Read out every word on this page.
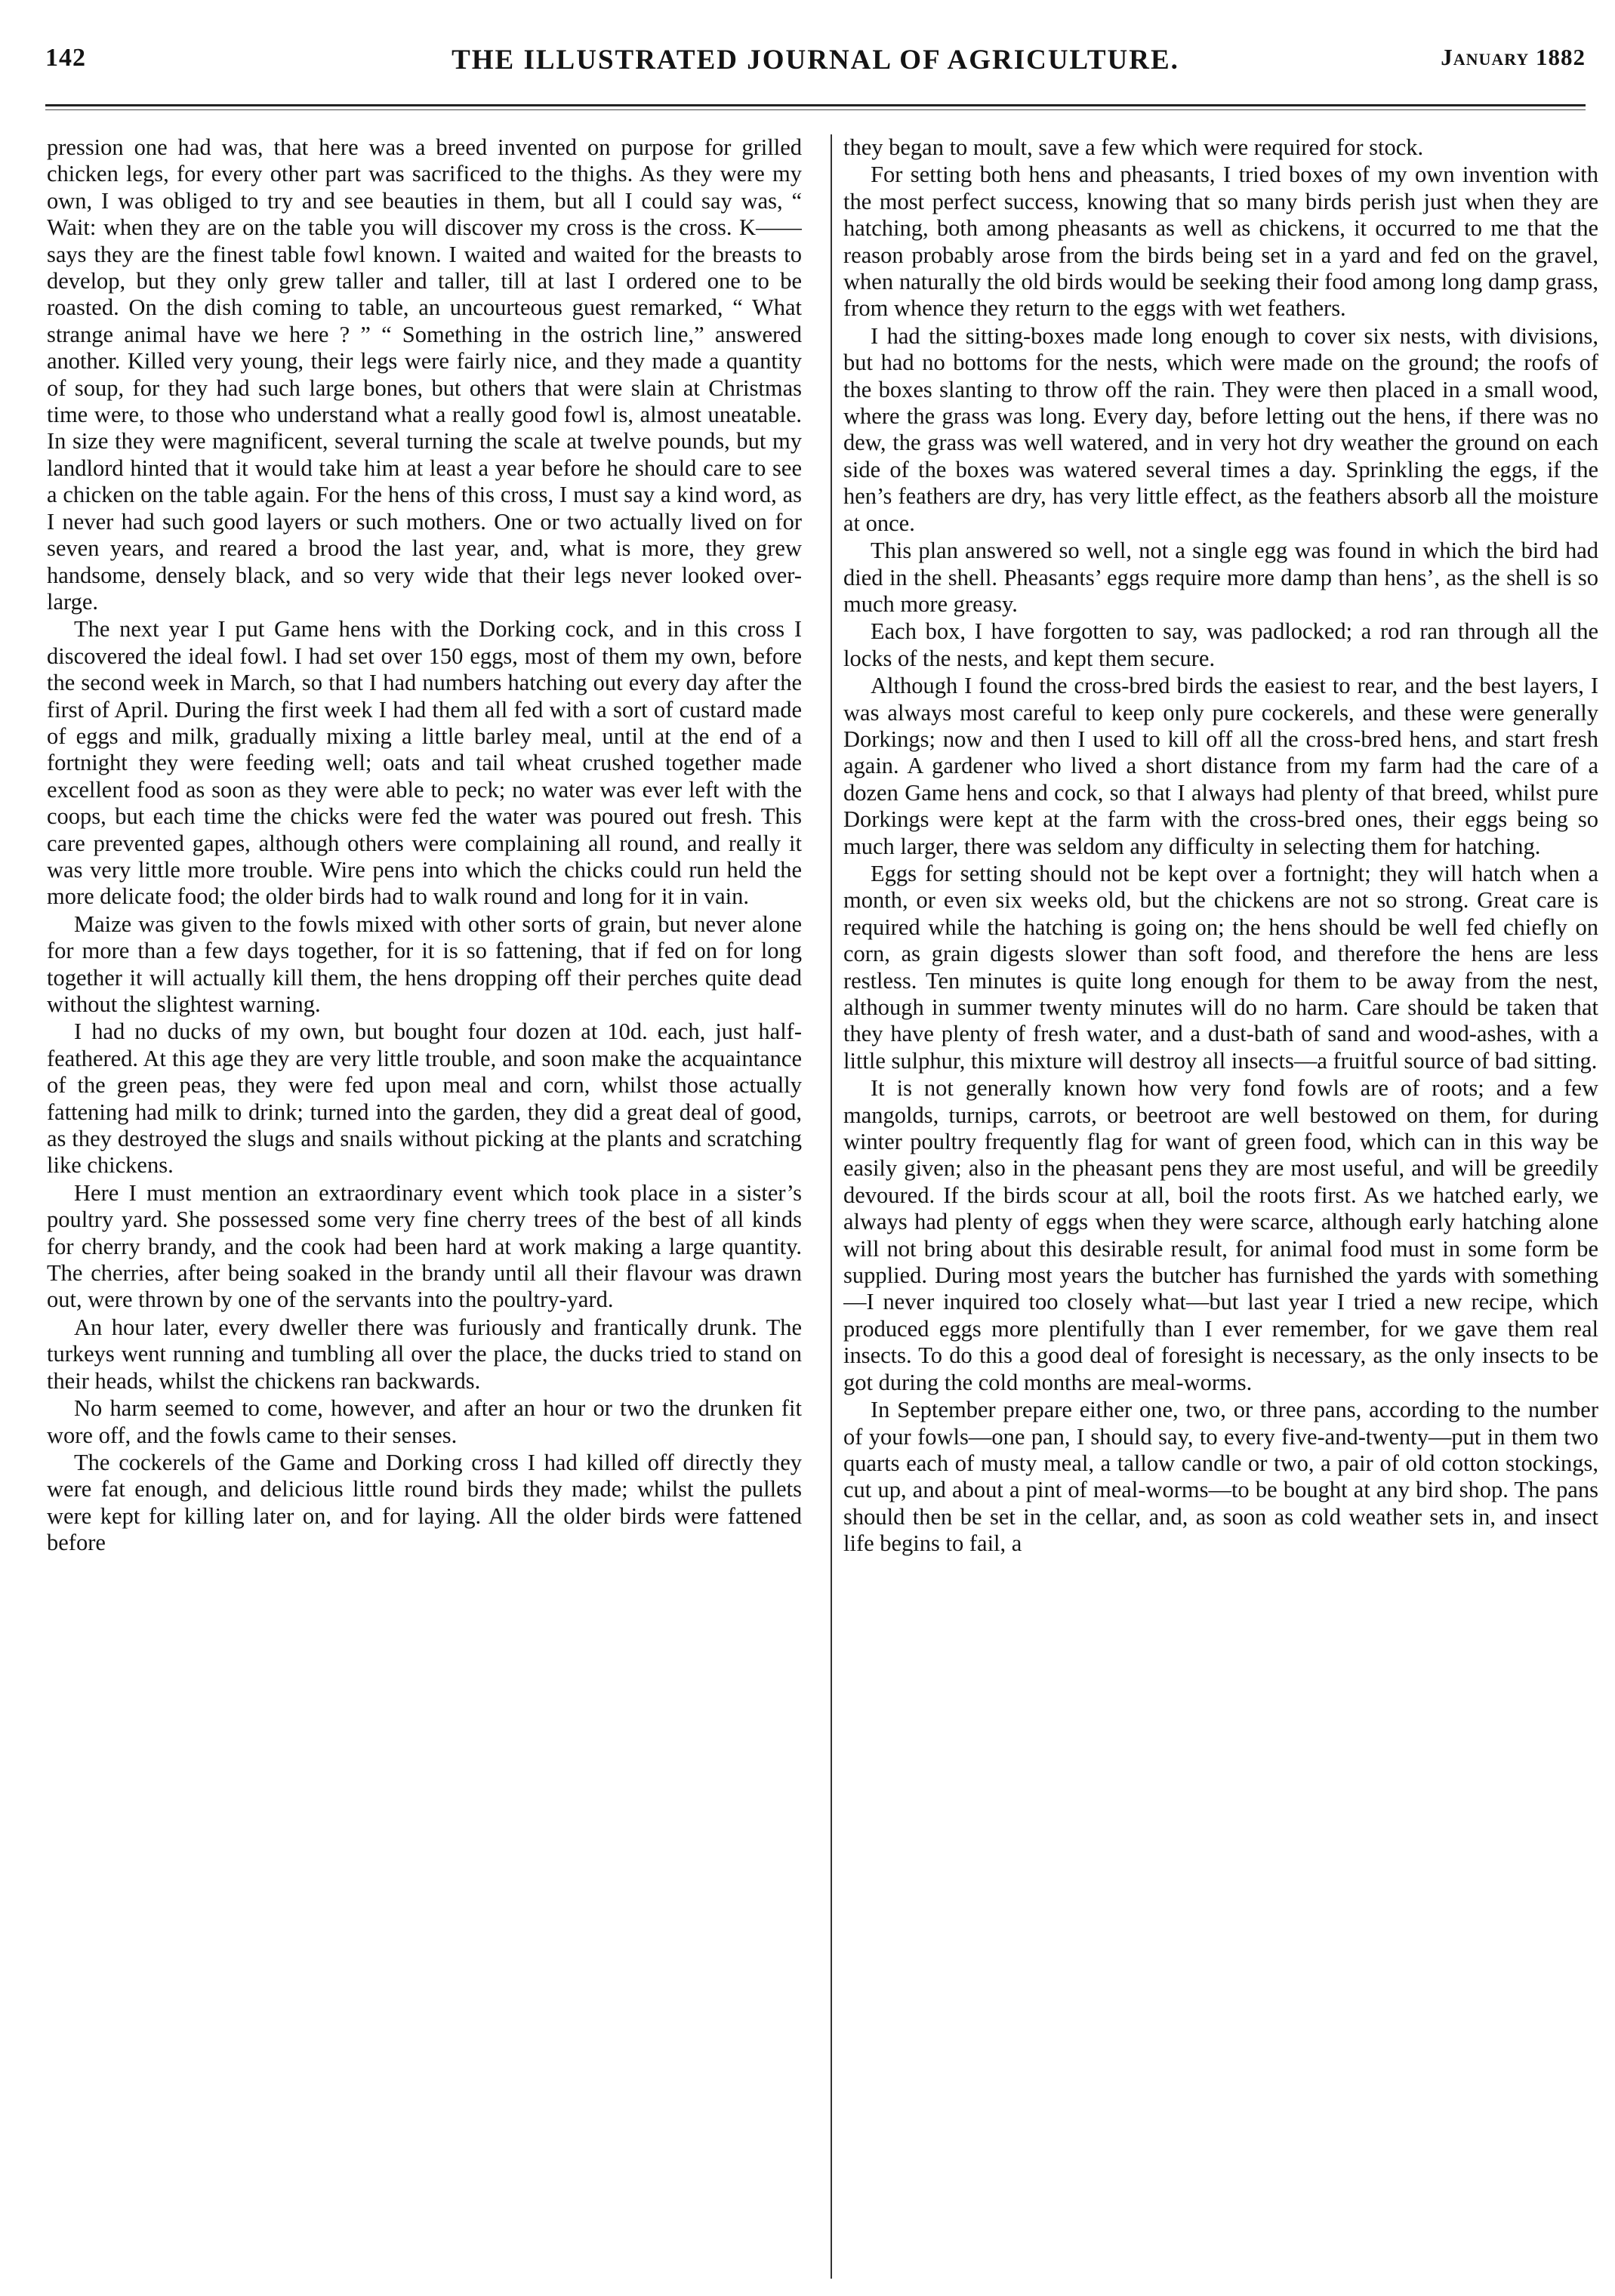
142	THE ILLUSTRATED JOURNAL OF AGRICULTURE.	January 1882

pression one had was, that here was a breed invented on purpose for grilled chicken legs, for every other part was sacrificed to the thighs. As they were my own, I was obliged to try and see beauties in them, but all I could say was, “ Wait: when they are on the table you will discover my cross is the cross. K——says they are the finest table fowl known. I waited and waited for the breasts to develop, but they only grew taller and taller, till at last I ordered one to be roasted. On the dish coming to table, an uncourteous guest remarked, “ What strange animal have we here ? ” “ Something in the ostrich line,” answered another. Killed very young, their legs were fairly nice, and they made a quantity of soup, for they had such large bones, but others that were slain at Christmas time were, to those who understand what a really good fowl is, almost uneatable. In size they were magnificent, several turning the scale at twelve pounds, but my landlord hinted that it would take him at least a year before he should care to see a chicken on the table again. For the hens of this cross, I must say a kind word, as I never had such good layers or such mothers. One or two actually lived on for seven years, and reared a brood the last year, and, what is more, they grew handsome, densely black, and so very wide that their legs never looked over-large.

The next year I put Game hens with the Dorking cock, and in this cross I discovered the ideal fowl. I had set over 150 eggs, most of them my own, before the second week in March, so that I had numbers hatching out every day after the first of April. During the first week I had them all fed with a sort of custard made of eggs and milk, gradually mixing a little barley meal, until at the end of a fortnight they were feeding well; oats and tail wheat crushed together made excellent food as soon as they were able to peck; no water was ever left with the coops, but each time the chicks were fed the water was poured out fresh. This care prevented gapes, although others were complaining all round, and really it was very little more trouble. Wire pens into which the chicks could run held the more delicate food; the older birds had to walk round and long for it in vain.

Maize was given to the fowls mixed with other sorts of grain, but never alone for more than a few days together, for it is so fattening, that if fed on for long together it will actually kill them, the hens dropping off their perches quite dead without the slightest warning.

I had no ducks of my own, but bought four dozen at 10d. each, just half-feathered. At this age they are very little trouble, and soon make the acquaintance of the green peas, they were fed upon meal and corn, whilst those actually fattening had milk to drink; turned into the garden, they did a great deal of good, as they destroyed the slugs and snails without picking at the plants and scratching like chickens.

Here I must mention an extraordinary event which took place in a sister’s poultry yard. She possessed some very fine cherry trees of the best of all kinds for cherry brandy, and the cook had been hard at work making a large quantity. The cherries, after being soaked in the brandy until all their flavour was drawn out, were thrown by one of the servants into the poultry-yard.

An hour later, every dweller there was furiously and frantically drunk. The turkeys went running and tumbling all over the place, the ducks tried to stand on their heads, whilst the chickens ran backwards.

No harm seemed to come, however, and after an hour or two the drunken fit wore off, and the fowls came to their senses.

The cockerels of the Game and Dorking cross I had killed off directly they were fat enough, and delicious little round birds they made; whilst the pullets were kept for killing later on, and for laying. All the older birds were fattened before

they began to moult, save a few which were required for stock.

For setting both hens and pheasants, I tried boxes of my own invention with the most perfect success, knowing that so many birds perish just when they are hatching, both among pheasants as well as chickens, it occurred to me that the reason probably arose from the birds being set in a yard and fed on the gravel, when naturally the old birds would be seeking their food among long damp grass, from whence they return to the eggs with wet feathers.

I had the sitting-boxes made long enough to cover six nests, with divisions, but had no bottoms for the nests, which were made on the ground; the roofs of the boxes slanting to throw off the rain. They were then placed in a small wood, where the grass was long. Every day, before letting out the hens, if there was no dew, the grass was well watered, and in very hot dry weather the ground on each side of the boxes was watered several times a day. Sprinkling the eggs, if the hen’s feathers are dry, has very little effect, as the feathers absorb all the moisture at once.

This plan answered so well, not a single egg was found in which the bird had died in the shell. Pheasants’ eggs require more damp than hens’, as the shell is so much more greasy.

Each box, I have forgotten to say, was padlocked; a rod ran through all the locks of the nests, and kept them secure.

Although I found the cross-bred birds the easiest to rear, and the best layers, I was always most careful to keep only pure cockerels, and these were generally Dorkings; now and then I used to kill off all the cross-bred hens, and start fresh again. A gardener who lived a short distance from my farm had the care of a dozen Game hens and cock, so that I always had plenty of that breed, whilst pure Dorkings were kept at the farm with the cross-bred ones, their eggs being so much larger, there was seldom any difficulty in selecting them for hatching.

Eggs for setting should not be kept over a fortnight; they will hatch when a month, or even six weeks old, but the chickens are not so strong. Great care is required while the hatching is going on; the hens should be well fed chiefly on corn, as grain digests slower than soft food, and therefore the hens are less restless. Ten minutes is quite long enough for them to be away from the nest, although in summer twenty minutes will do no harm. Care should be taken that they have plenty of fresh water, and a dust-bath of sand and wood-ashes, with a little sulphur, this mixture will destroy all insects—a fruitful source of bad sitting.

It is not generally known how very fond fowls are of roots; and a few mangolds, turnips, carrots, or beetroot are well bestowed on them, for during winter poultry frequently flag for want of green food, which can in this way be easily given; also in the pheasant pens they are most useful, and will be greedily devoured. If the birds scour at all, boil the roots first. As we hatched early, we always had plenty of eggs when they were scarce, although early hatching alone will not bring about this desirable result, for animal food must in some form be supplied. During most years the butcher has furnished the yards with something—I never inquired too closely what—but last year I tried a new recipe, which produced eggs more plentifully than I ever remember, for we gave them real insects. To do this a good deal of foresight is necessary, as the only insects to be got during the cold months are meal-worms.

In September prepare either one, two, or three pans, according to the number of your fowls—one pan, I should say, to every five-and-twenty—put in them two quarts each of musty meal, a tallow candle or two, a pair of old cotton stockings, cut up, and about a pint of meal-worms—to be bought at any bird shop. The pans should then be set in the cellar, and, as soon as cold weather sets in, and insect life begins to fail, a
